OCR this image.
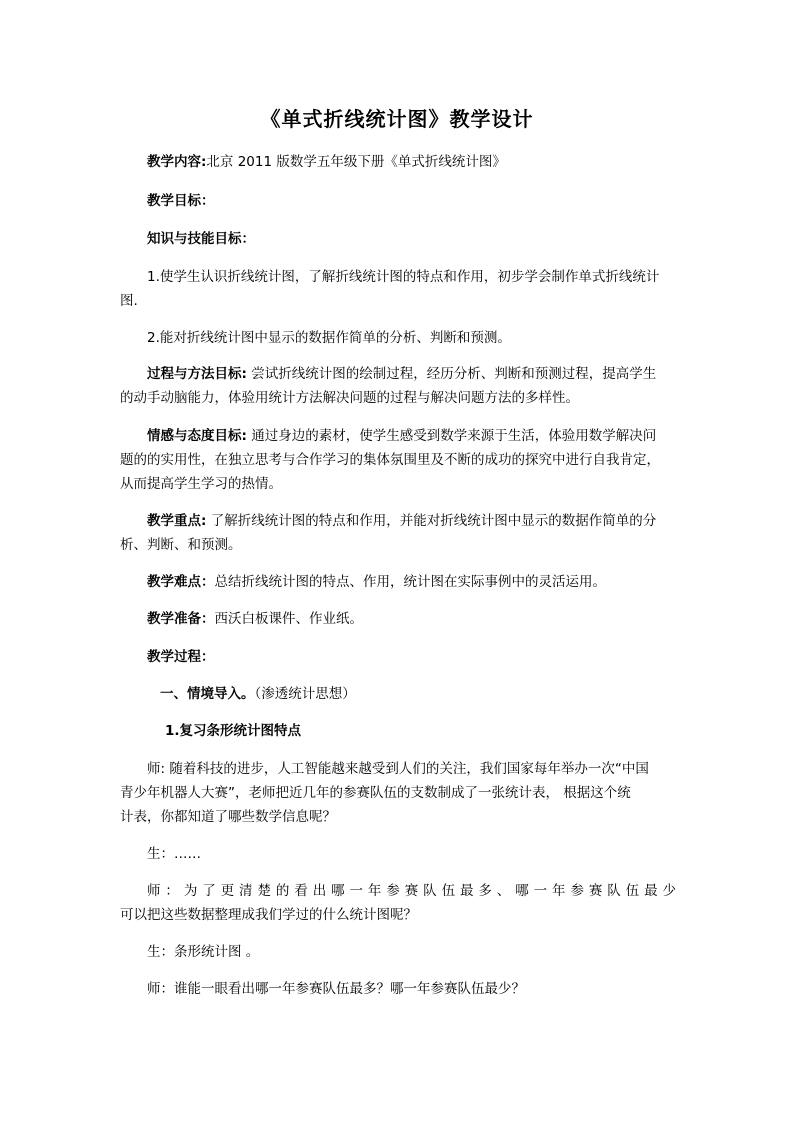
《单式折线统计图》教学设计
教学内容:北京 2011 版数学五年级下册《单式折线统计图》
教学目标：
知识与技能目标：
1.使学生认识折线统计图，了解折线统计图的特点和作用，初步学会制作单式折线统计
图.
2.能对折线统计图中显示的数据作简单的分析、判断和预测。
过程与方法目标: 尝试折线统计图的绘制过程，经历分析、判断和预测过程，提高学生
的动手动脑能力，体验用统计方法解决问题的过程与解决问题方法的多样性。
情感与态度目标: 通过身边的素材，使学生感受到数学来源于生活，体验用数学解决问
题的的实用性，在独立思考与合作学习的集体氛围里及不断的成功的探究中进行自我肯定，
从而提高学生学习的热情。
教学重点: 了解折线统计图的特点和作用，并能对折线统计图中显示的数据作简单的分
析、判断、和预测。
教学难点：总结折线统计图的特点、作用，统计图在实际事例中的灵活运用。
教学准备：西沃白板课件、作业纸。
教学过程：
一、情境导入。（渗透统计思想）
1.复习条形统计图特点
师: 随着科技的进步，人工智能越来越受到人们的关注，我们国家每年举办一次“中国
青少年机器人大赛”，老师把近几年的参赛队伍的支数制成了一张统计表， 根据这个统
计表，你都知道了哪些数学信息呢？
生：……
师：为了更清楚的看出哪一年参赛队伍最多、哪一年参赛队伍最少
可以把这些数据整理成我们学过的什么统计图呢？
生：条形统计图 。
师：谁能一眼看出哪一年参赛队伍最多？哪一年参赛队伍最少？
